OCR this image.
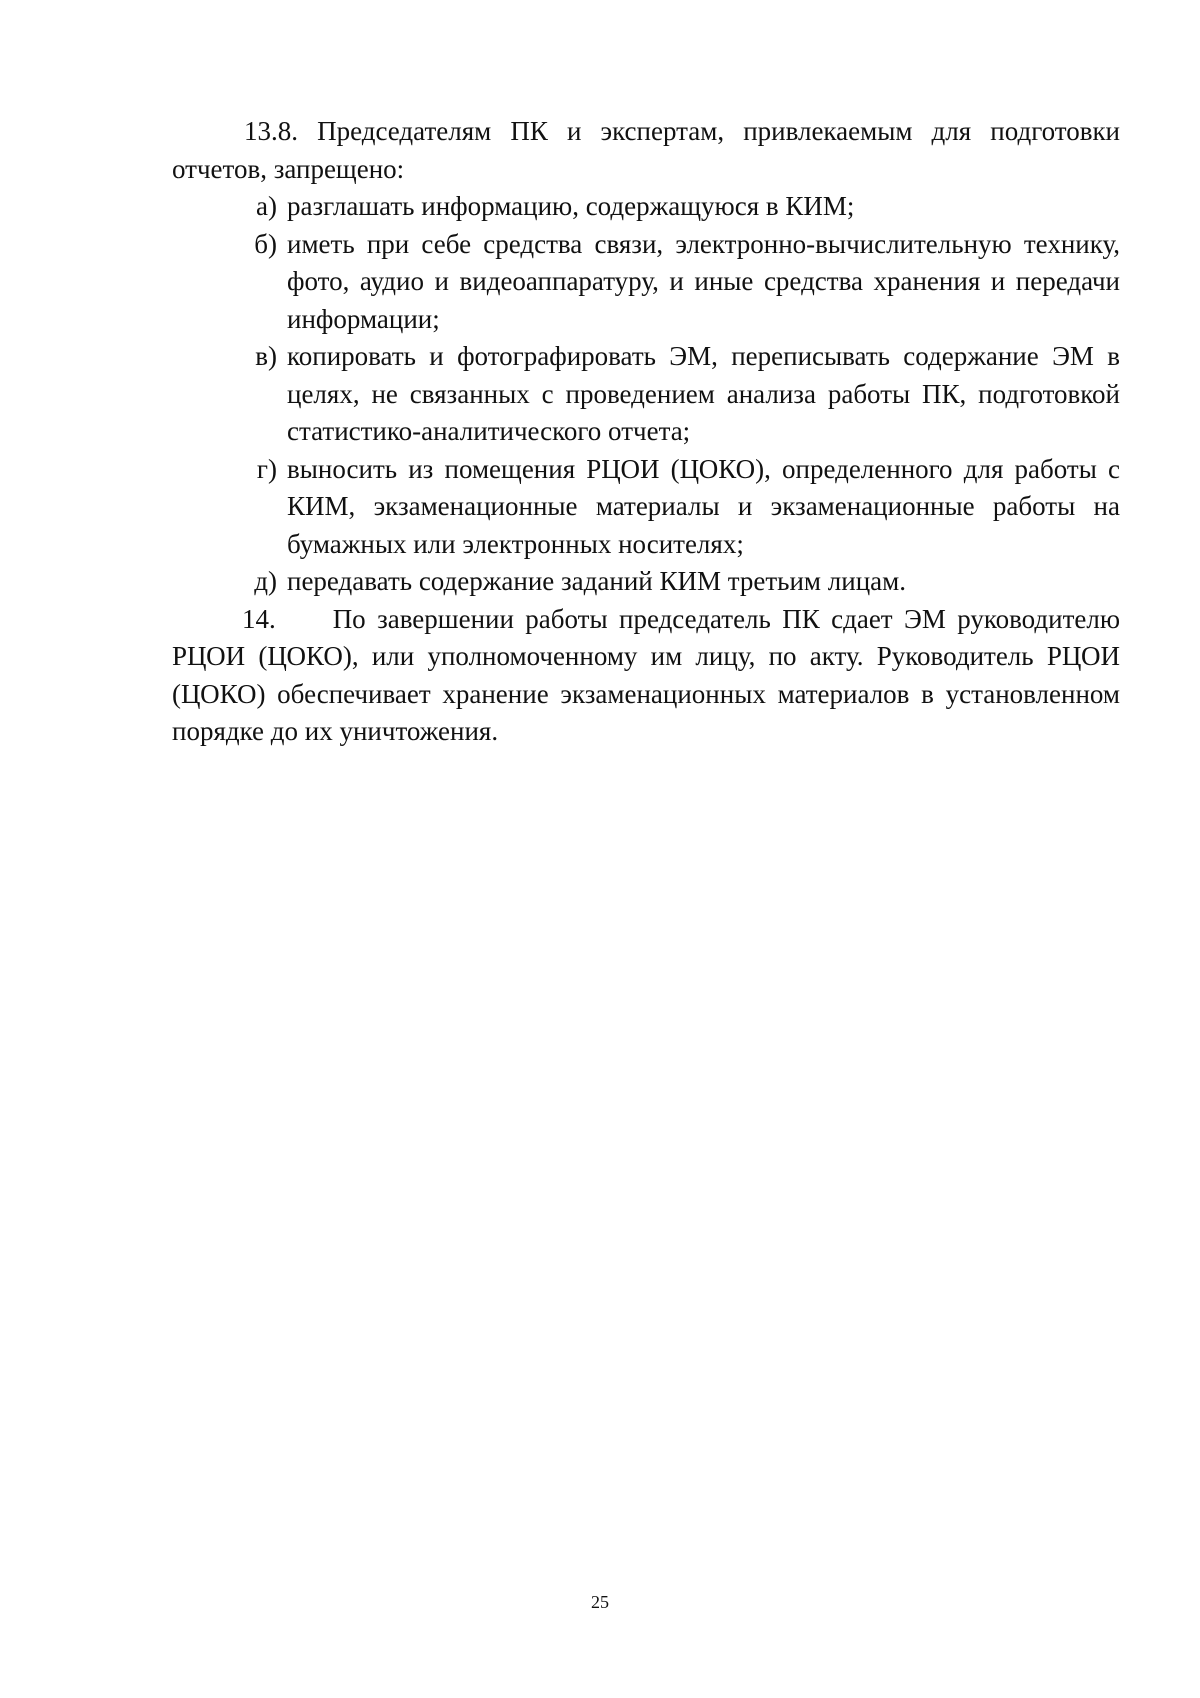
13.8. Председателям ПК и экспертам, привлекаемым для подготовки отчетов, запрещено:

а) разглашать информацию, содержащуюся в КИМ;
б) иметь при себе средства связи, электронно-вычислительную технику, фото, аудио и видеоаппаратуру, и иные средства хранения и передачи информации;
в) копировать и фотографировать ЭМ, переписывать содержание ЭМ в целях, не связанных с проведением анализа работы ПК, подготовкой статистико-аналитического отчета;
г) выносить из помещения РЦОИ (ЦОКО), определенного для работы с КИМ, экзаменационные материалы и экзаменационные работы на бумажных или электронных носителях;
д) передавать содержание заданий КИМ третьим лицам.

14. По завершении работы председатель ПК сдает ЭМ руководителю РЦОИ (ЦОКО), или уполномоченному им лицу, по акту. Руководитель РЦОИ (ЦОКО) обеспечивает хранение экзаменационных материалов в установленном порядке до их уничтожения.

25
